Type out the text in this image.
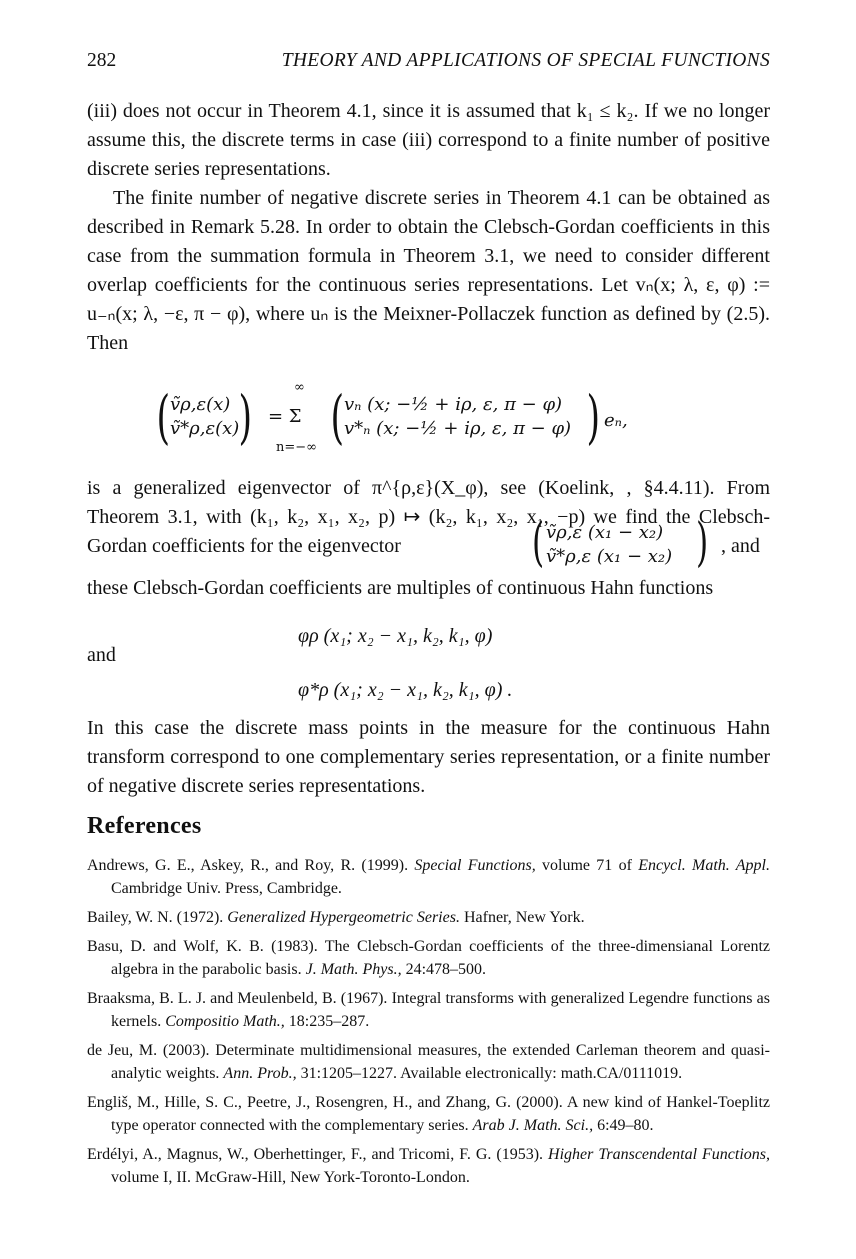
282	THEORY AND APPLICATIONS OF SPECIAL FUNCTIONS

(iii) does not occur in Theorem 4.1, since it is assumed that k₁ ≤ k₂. If we no longer assume this, the discrete terms in case (iii) correspond to a finite number of positive discrete series representations.

The finite number of negative discrete series in Theorem 4.1 can be obtained as described in Remark 5.28. In order to obtain the Clebsch-Gordan coefficients in this case from the summation formula in Theorem 3.1, we need to consider different overlap coefficients for the continuous series representations. Let vₙ(x; λ, ε, φ) := u₋ₙ(x; λ, −ε, π − φ), where uₙ is the Meixner-Pollaczek function as defined by (2.5). Then

( ṽρ,ε(x)
ṽ*ρ,ε(x) ) = Σ
∞
n=−∞ ( vₙ (x; −½ + iρ, ε, π − φ)
v*ₙ (x; −½ + iρ, ε, π − φ) ) eₙ,

is a generalized eigenvector of π^{ρ,ε}(X_φ), see (Koelink, , §4.4.11). From Theorem 3.1, with (k₁, k₂, x₁, x₂, p) ↦ (k₂, k₁, x₂, x₁, −p) we find the Clebsch-Gordan coefficients for the eigenvector	( ṽρ,ε (x₁ − x₂)
ṽ*ρ,ε (x₁ − x₂) ) , and

these Clebsch-Gordan coefficients are multiples of continuous Hahn functions

φρ (x₁; x₂ − x₁, k₂, k₁, φ)
and
φ*ρ (x₁; x₂ − x₁, k₂, k₁, φ) .

In this case the discrete mass points in the measure for the continuous Hahn transform correspond to one complementary series representation, or a finite number of negative discrete series representations.

References

Andrews, G. E., Askey, R., and Roy, R. (1999). Special Functions, volume 71 of Encycl. Math. Appl. Cambridge Univ. Press, Cambridge.

Bailey, W. N. (1972). Generalized Hypergeometric Series. Hafner, New York.

Basu, D. and Wolf, K. B. (1983). The Clebsch-Gordan coefficients of the three-dimensianal Lorentz algebra in the parabolic basis. J. Math. Phys., 24:478–500.

Braaksma, B. L. J. and Meulenbeld, B. (1967). Integral transforms with generalized Legendre functions as kernels. Compositio Math., 18:235–287.

de Jeu, M. (2003). Determinate multidimensional measures, the extended Carleman theorem and quasi-analytic weights. Ann. Prob., 31:1205–1227. Available electronically: math.CA/0111019.

Engliš, M., Hille, S. C., Peetre, J., Rosengren, H., and Zhang, G. (2000). A new kind of Hankel-Toeplitz type operator connected with the complementary series. Arab J. Math. Sci., 6:49–80.

Erdélyi, A., Magnus, W., Oberhettinger, F., and Tricomi, F. G. (1953). Higher Transcendental Functions, volume I, II. McGraw-Hill, New York-Toronto-London.
